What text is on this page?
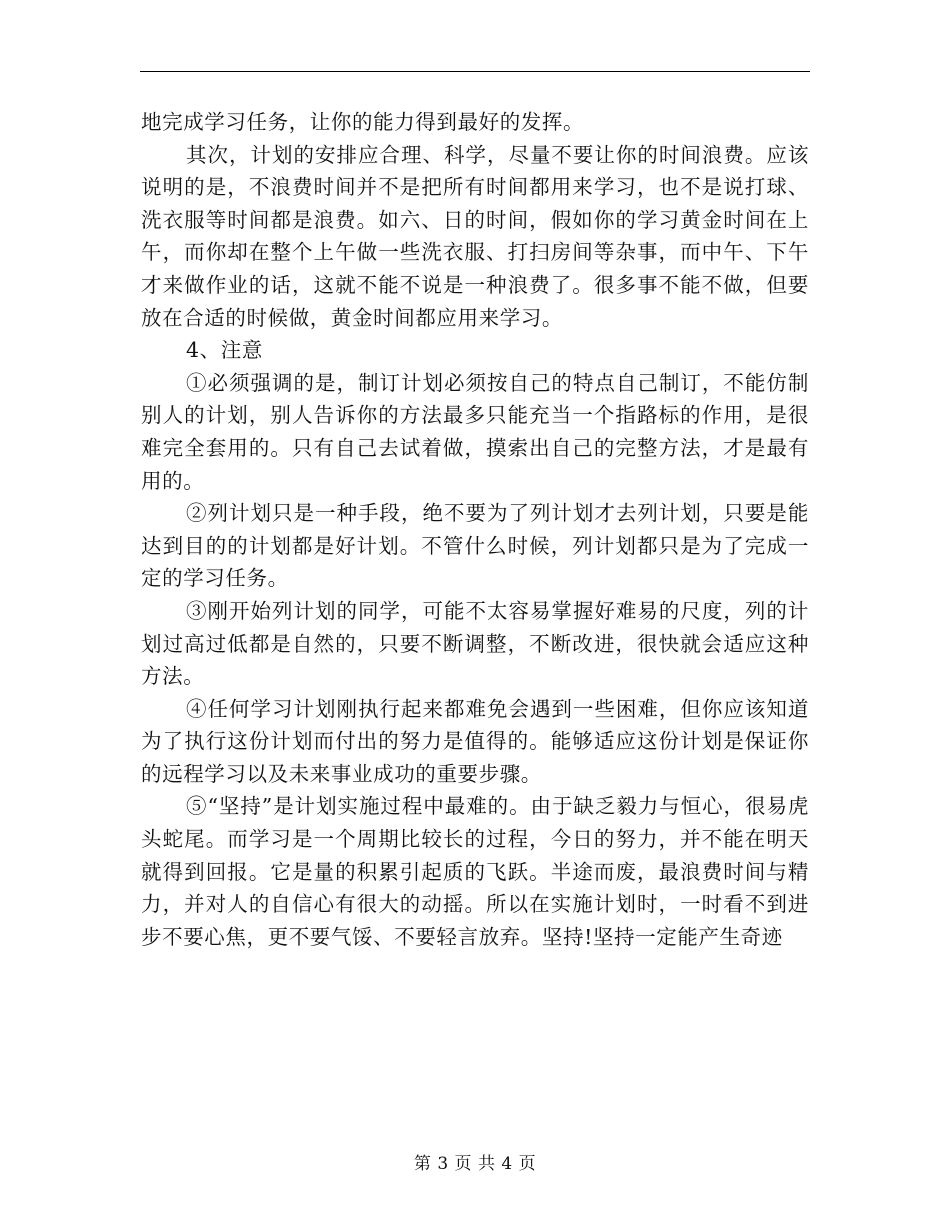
地完成学习任务，让你的能力得到最好的发挥。

其次，计划的安排应合理、科学，尽量不要让你的时间浪费。应该说明的是，不浪费时间并不是把所有时间都用来学习，也不是说打球、洗衣服等时间都是浪费。如六、日的时间，假如你的学习黄金时间在上午，而你却在整个上午做一些洗衣服、打扫房间等杂事，而中午、下午才来做作业的话，这就不能不说是一种浪费了。很多事不能不做，但要放在合适的时候做，黄金时间都应用来学习。

4、注意

①必须强调的是，制订计划必须按自己的特点自己制订，不能仿制别人的计划，别人告诉你的方法最多只能充当一个指路标的作用，是很难完全套用的。只有自己去试着做，摸索出自己的完整方法，才是最有用的。

②列计划只是一种手段，绝不要为了列计划才去列计划，只要是能达到目的的计划都是好计划。不管什么时候，列计划都只是为了完成一定的学习任务。

③刚开始列计划的同学，可能不太容易掌握好难易的尺度，列的计划过高过低都是自然的，只要不断调整，不断改进，很快就会适应这种方法。

④任何学习计划刚执行起来都难免会遇到一些困难，但你应该知道为了执行这份计划而付出的努力是值得的。能够适应这份计划是保证你的远程学习以及未来事业成功的重要步骤。

⑤“坚持”是计划实施过程中最难的。由于缺乏毅力与恒心，很易虎头蛇尾。而学习是一个周期比较长的过程，今日的努力，并不能在明天就得到回报。它是量的积累引起质的飞跃。半途而废，最浪费时间与精力，并对人的自信心有很大的动摇。所以在实施计划时，一时看不到进步不要心焦，更不要气馁、不要轻言放弃。坚持!坚持一定能产生奇迹

第 3 页 共 4 页
